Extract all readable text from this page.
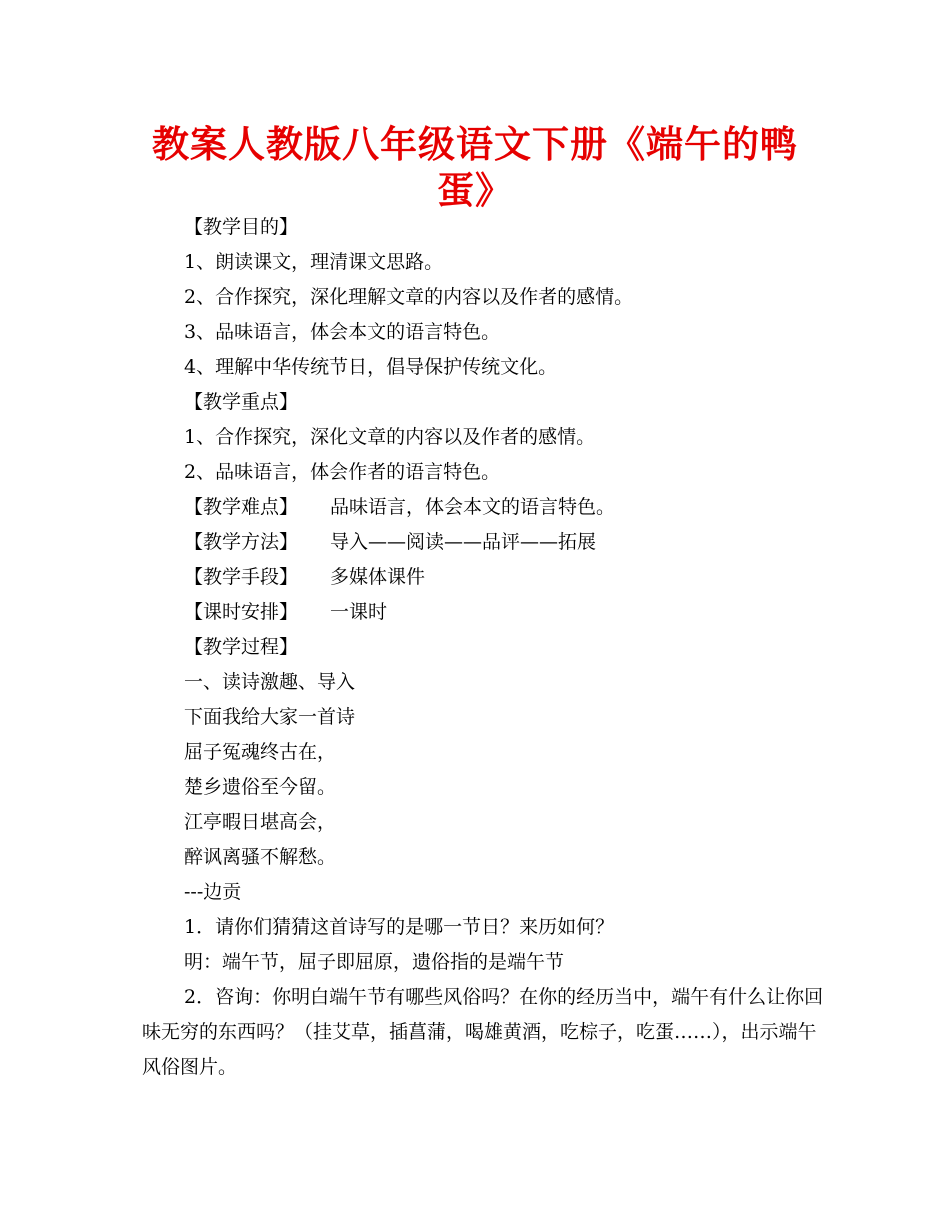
教案人教版八年级语文下册《端午的鸭
蛋》
【教学目的】
1、朗读课文，理清课文思路。
2、合作探究，深化理解文章的内容以及作者的感情。
3、品味语言，体会本文的语言特色。
4、理解中华传统节日，倡导保护传统文化。
【教学重点】
1、合作探究，深化文章的内容以及作者的感情。
2、品味语言，体会作者的语言特色。
【教学难点】 品味语言，体会本文的语言特色。
【教学方法】 导入——阅读——品评——拓展
【教学手段】 多媒体课件
【课时安排】 一课时
【教学过程】
一、读诗激趣、导入
下面我给大家一首诗
屈子冤魂终古在，
楚乡遗俗至今留。
江亭暇日堪高会，
醉讽离骚不解愁。
---边贡
1．请你们猜猜这首诗写的是哪一节日？来历如何？
明：端午节，屈子即屈原，遗俗指的是端午节
2．咨询：你明白端午节有哪些风俗吗？在你的经历当中，端午有什么让你回味无穷的东西吗？（挂艾草，插菖蒲，喝雄黄酒，吃棕子，吃蛋……），出示端午风俗图片。
